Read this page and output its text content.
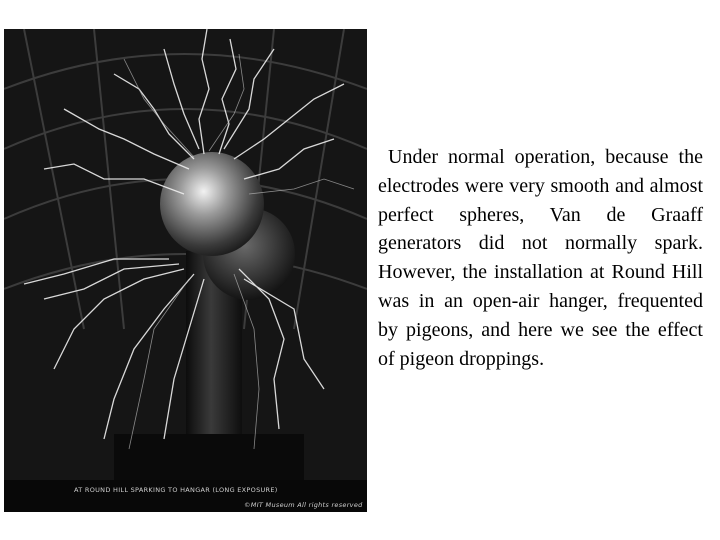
AT ROUND HILL SPARKING TO HANGAR (LONG EXPOSURE)
©MIT Museum All rights reserved
Under normal operation, because the electrodes were very smooth and almost perfect spheres, Van de Graaff generators did not normally spark. However, the installation at Round Hill was in an open-air hanger, frequented by pigeons, and here we see the effect of pigeon droppings.
